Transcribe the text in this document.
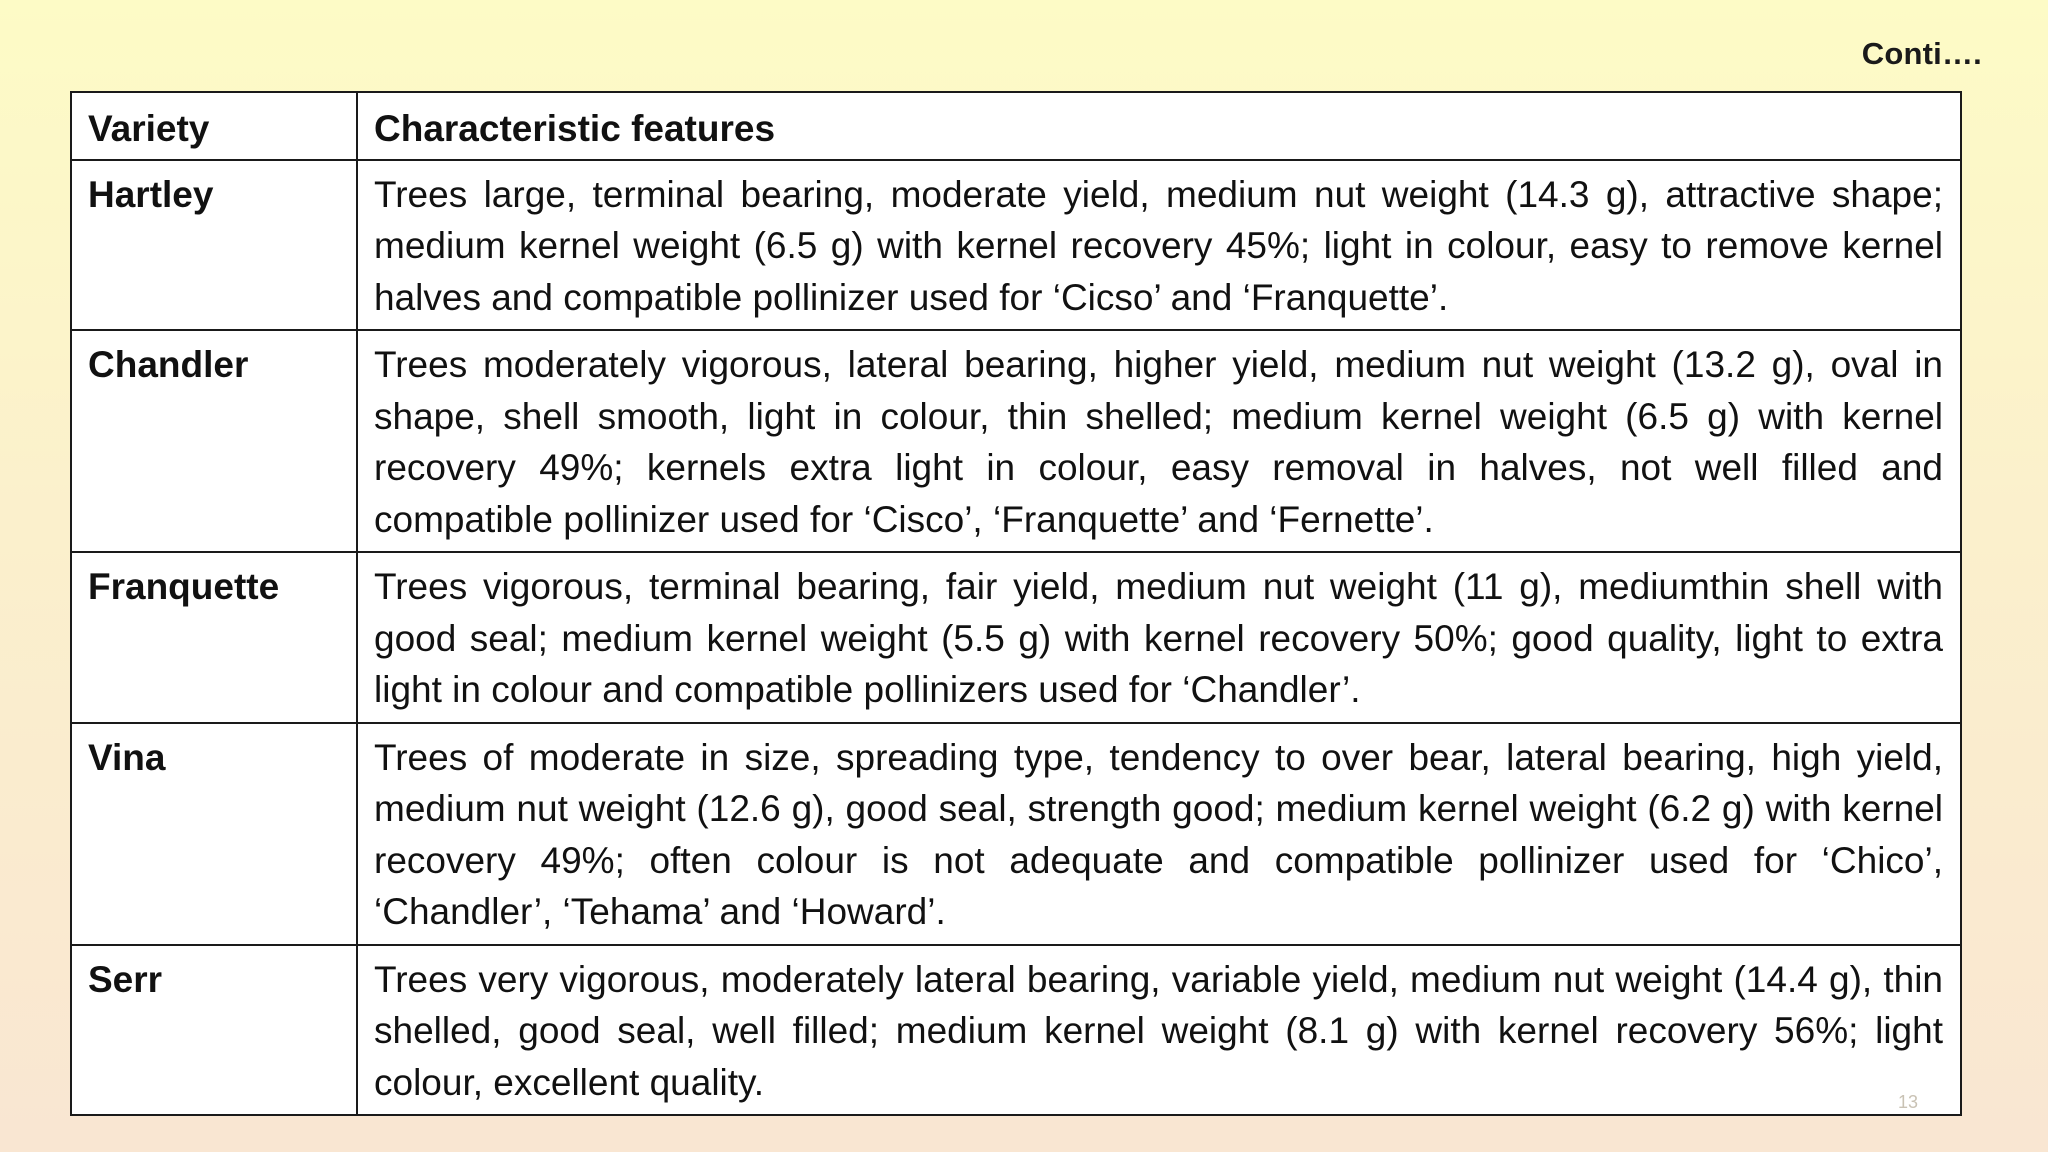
Conti….
Variety	Characteristic features
Hartley	Trees large, terminal bearing, moderate yield, medium nut weight (14.3 g), attractive shape; medium kernel weight (6.5 g) with kernel recovery 45%; light in colour, easy to remove kernel halves and compatible pollinizer used for ‘Cicso’ and ‘Franquette’.
Chandler	Trees moderately vigorous, lateral bearing, higher yield, medium nut weight (13.2 g), oval in shape, shell smooth, light in colour, thin shelled; medium kernel weight (6.5 g) with kernel recovery 49%; kernels extra light in colour, easy removal in halves, not well filled and compatible pollinizer used for ‘Cisco’, ‘Franquette’ and ‘Fernette’.
Franquette	Trees vigorous, terminal bearing, fair yield, medium nut weight (11 g), mediumthin shell with good seal; medium kernel weight (5.5 g) with kernel recovery 50%; good quality, light to extra light in colour and compatible pollinizers used for ‘Chandler’.
Vina	Trees of moderate in size, spreading type, tendency to over bear, lateral bearing, high yield, medium nut weight (12.6 g), good seal, strength good; medium kernel weight (6.2 g) with kernel recovery 49%; often colour is not adequate and compatible pollinizer used for ‘Chico’, ‘Chandler’, ‘Tehama’ and ‘Howard’.
Serr	Trees very vigorous, moderately lateral bearing, variable yield, medium nut weight (14.4 g), thin shelled, good seal, well filled; medium kernel weight (8.1 g) with kernel recovery 56%; light colour, excellent quality.	13
